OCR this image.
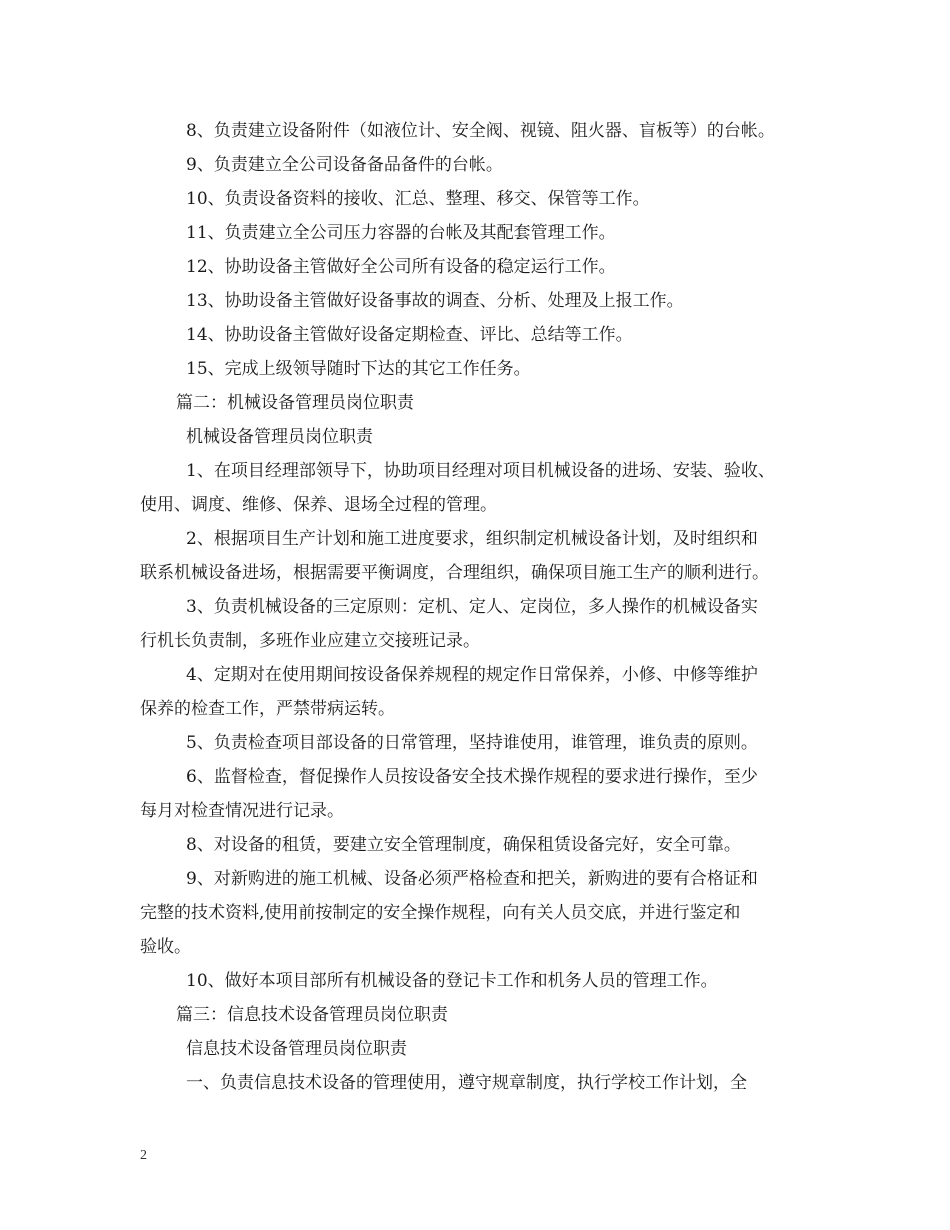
8、负责建立设备附件（如液位计、安全阀、视镜、阻火器、盲板等）的台帐。
9、负责建立全公司设备备品备件的台帐。
10、负责设备资料的接收、汇总、整理、移交、保管等工作。
11、负责建立全公司压力容器的台帐及其配套管理工作。
12、协助设备主管做好全公司所有设备的稳定运行工作。
13、协助设备主管做好设备事故的调查、分析、处理及上报工作。
14、协助设备主管做好设备定期检查、评比、总结等工作。
15、完成上级领导随时下达的其它工作任务。
篇二：机械设备管理员岗位职责
机械设备管理员岗位职责
1、在项目经理部领导下，协助项目经理对项目机械设备的进场、安装、验收、
使用、调度、维修、保养、退场全过程的管理。
2、根据项目生产计划和施工进度要求，组织制定机械设备计划，及时组织和
联系机械设备进场，根据需要平衡调度，合理组织，确保项目施工生产的顺利进行。
3、负责机械设备的三定原则：定机、定人、定岗位，多人操作的机械设备实
行机长负责制，多班作业应建立交接班记录。
4、定期对在使用期间按设备保养规程的规定作日常保养，小修、中修等维护
保养的检查工作，严禁带病运转。
5、负责检查项目部设备的日常管理，坚持谁使用，谁管理，谁负责的原则。
6、监督检查，督促操作人员按设备安全技术操作规程的要求进行操作，至少
每月对检查情况进行记录。
8、对设备的租赁，要建立安全管理制度，确保租赁设备完好，安全可靠。
9、对新购进的施工机械、设备必须严格检查和把关，新购进的要有合格证和
完整的技术资料,使用前按制定的安全操作规程，向有关人员交底，并进行鉴定和
验收。
10、做好本项目部所有机械设备的登记卡工作和机务人员的管理工作。
篇三：信息技术设备管理员岗位职责
信息技术设备管理员岗位职责
一、负责信息技术设备的管理使用，遵守规章制度，执行学校工作计划，全
2
